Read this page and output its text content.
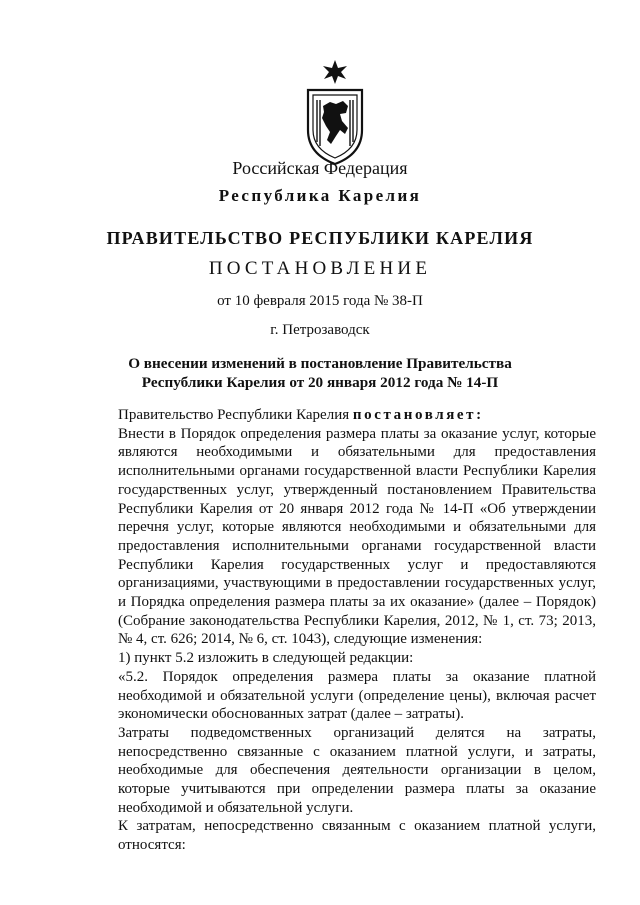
Российская Федерация
Республика Карелия
ПРАВИТЕЛЬСТВО РЕСПУБЛИКИ КАРЕЛИЯ
ПОСТАНОВЛЕНИЕ
от 10 февраля 2015 года № 38-П
г. Петрозаводск
О внесении изменений в постановление Правительства
Республики Карелия от 20 января 2012 года № 14-П

Правительство Республики Карелия постановляет:

Внести в Порядок определения размера платы за оказание услуг, которые являются необходимыми и обязательными для предоставления исполнительными органами государственной власти Республики Карелия государственных услуг, утвержденный постановлением Правительства Республики Карелия от 20 января 2012 года № 14-П «Об утверждении перечня услуг, которые являются необходимыми и обязательными для предоставления исполнительными органами государственной власти Республики Карелия государственных услуг и предоставляются организациями, участвующими в предоставлении государственных услуг, и Порядка определения размера платы за их оказание» (далее – Порядок) (Собрание законодательства Республики Карелия, 2012, № 1, ст. 73; 2013, № 4, ст. 626; 2014, № 6, ст. 1043), следующие изменения:

1) пункт 5.2 изложить в следующей редакции:

«5.2. Порядок определения размера платы за оказание платной необходимой и обязательной услуги (определение цены), включая расчет экономически обоснованных затрат (далее – затраты).

Затраты подведомственных организаций делятся на затраты, непосредственно связанные с оказанием платной услуги, и затраты, необходимые для обеспечения деятельности организации в целом, которые учитываются при определении размера платы за оказание необходимой и обязательной услуги.

К затратам, непосредственно связанным с оказанием платной услуги, относятся:
